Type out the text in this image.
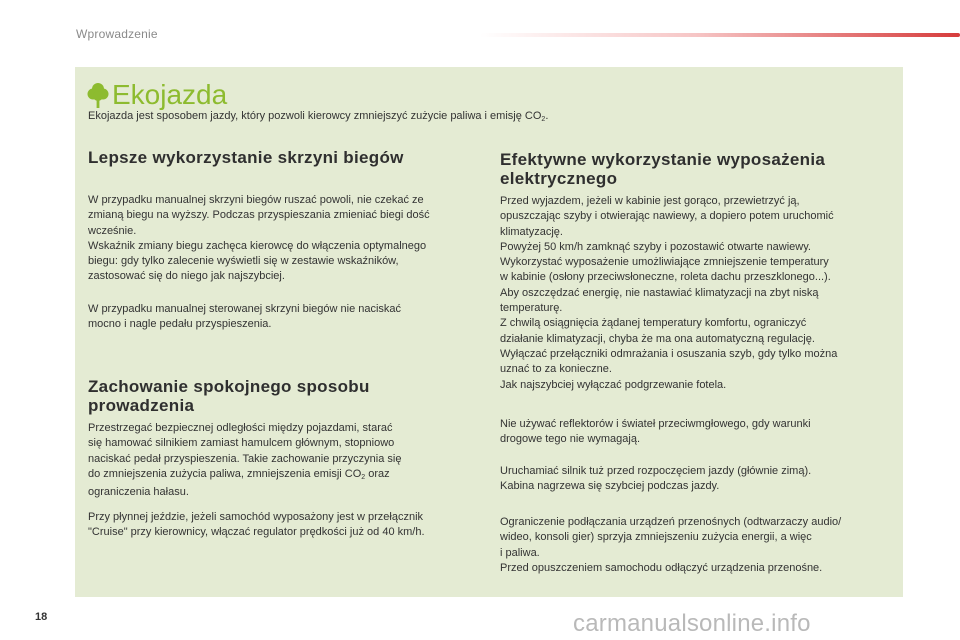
Wprowadzenie
Ekojazda
Ekojazda jest sposobem jazdy, który pozwoli kierowcy zmniejszyć zużycie paliwa i emisję $CO_2$.
Lepsze wykorzystanie skrzyni biegów

W przypadku manualnej skrzyni biegów ruszać powoli, nie czekać ze

zmianą biegu na wyższy. Podczas przyspieszania zmieniać biegi dość

wcześnie.

Wskaźnik zmiany biegu zachęca kierowcę do włączenia optymalnego

biegu: gdy tylko zalecenie wyświetli się w zestawie wskaźników,

zastosować się do niego jak najszybciej.

W przypadku manualnej sterowanej skrzyni biegów nie naciskać

mocno i nagle pedału przyspieszenia.

Zachowanie spokojnego sposobu
prowadzenia

Przestrzegać bezpiecznej odległości między pojazdami, starać

się hamować silnikiem zamiast hamulcem głównym, stopniowo

naciskać pedał przyspieszenia. Takie zachowanie przyczynia się

do zmniejszenia zużycia paliwa, zmniejszenia emisji $CO_2$ oraz

ograniczenia hałasu.

Przy płynnej jeździe, jeżeli samochód wyposażony jest w przełącznik

"Cruise" przy kierownicy, włączać regulator prędkości już od 40 km/h.

Efektywne wykorzystanie wyposażenia
elektrycznego

Przed wyjazdem, jeżeli w kabinie jest gorąco, przewietrzyć ją,

opuszczając szyby i otwierając nawiewy, a dopiero potem uruchomić

klimatyzację.

Powyżej 50 km/h zamknąć szyby i pozostawić otwarte nawiewy.

Wykorzystać wyposażenie umożliwiające zmniejszenie temperatury

w kabinie (osłony przeciwsłoneczne, roleta dachu przeszklonego...).

Aby oszczędzać energię, nie nastawiać klimatyzacji na zbyt niską

temperaturę.

Z chwilą osiągnięcia żądanej temperatury komfortu, ograniczyć

działanie klimatyzacji, chyba że ma ona automatyczną regulację.

Wyłączać przełączniki odmrażania i osuszania szyb, gdy tylko można

uznać to za konieczne.

Jak najszybciej wyłączać podgrzewanie fotela.

Nie używać reflektorów i świateł przeciwmgłowego, gdy warunki

drogowe tego nie wymagają.

Uruchamiać silnik tuż przed rozpoczęciem jazdy (głównie zimą).

Kabina nagrzewa się szybciej podczas jazdy.

Ograniczenie podłączania urządzeń przenośnych (odtwarzaczy audio/

wideo, konsoli gier) sprzyja zmniejszeniu zużycia energii, a więc

i paliwa.

Przed opuszczeniem samochodu odłączyć urządzenia przenośne.

18	carmanualsonline.info
